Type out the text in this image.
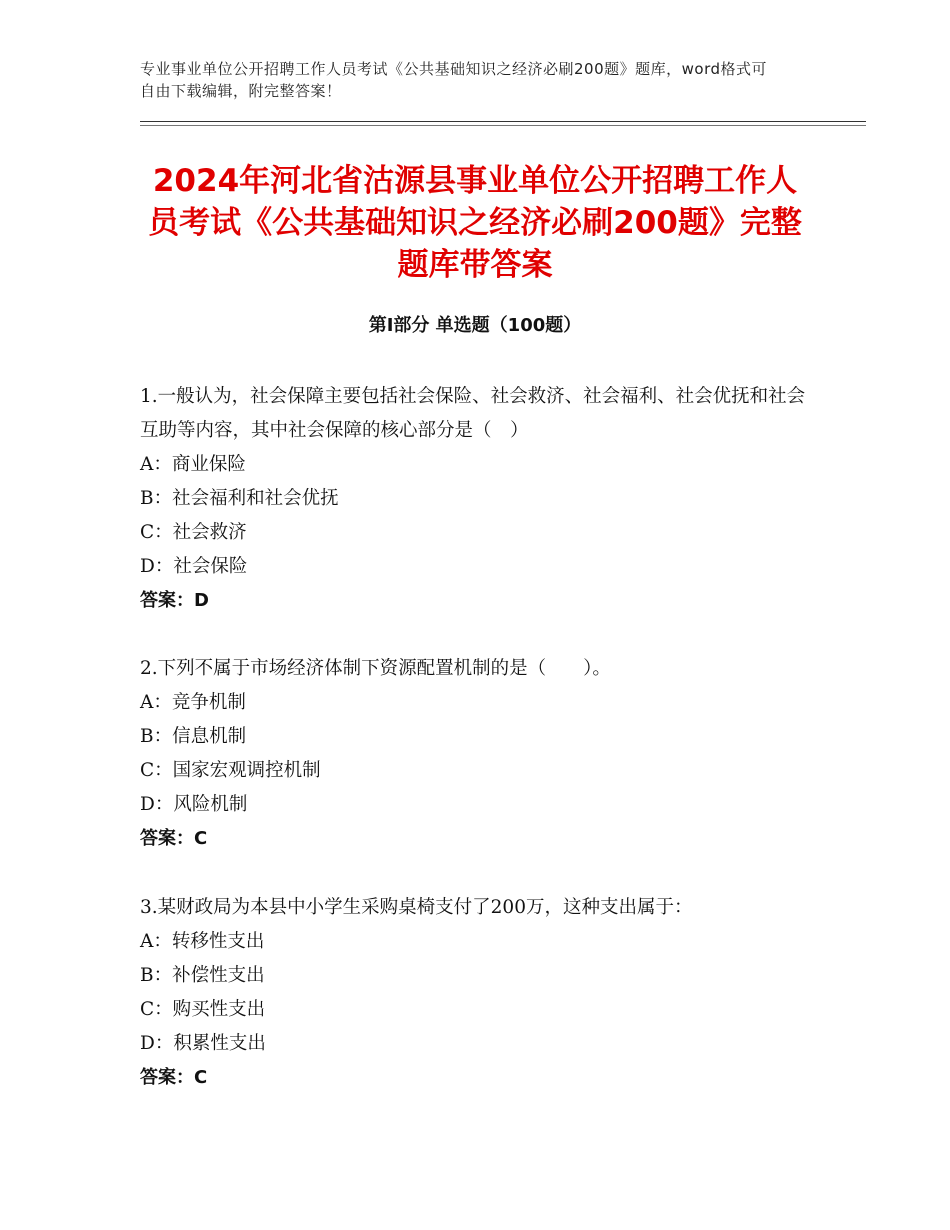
专业事业单位公开招聘工作人员考试《公共基础知识之经济必刷200题》题库，word格式可自由下载编辑，附完整答案！
2024年河北省沽源县事业单位公开招聘工作人员考试《公共基础知识之经济必刷200题》完整题库带答案
第Ⅰ部分 单选题（100题）

1.一般认为，社会保障主要包括社会保险、社会救济、社会福利、社会优抚和社会互助等内容，其中社会保障的核心部分是（　）

A：商业保险

B：社会福利和社会优抚

C：社会救济

D：社会保险

答案：D

2.下列不属于市场经济体制下资源配置机制的是（　　）。

A：竞争机制

B：信息机制

C：国家宏观调控机制

D：风险机制

答案：C

3.某财政局为本县中小学生采购桌椅支付了200万，这种支出属于：

A：转移性支出

B：补偿性支出

C：购买性支出

D：积累性支出

答案：C
